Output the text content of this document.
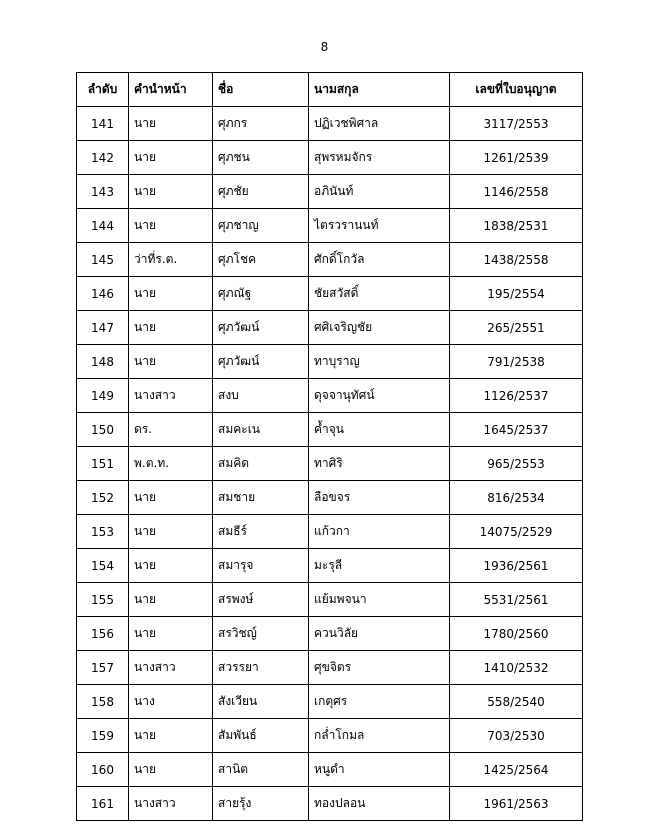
8
ลำดับ	คำนำหน้า	ชื่อ	นามสกุล	เลขที่ใบอนุญาต
141	นาย	ศุภกร	ปฏิเวชพิศาล	3117/2553
142	นาย	ศุภชน	สุพรหมจักร	1261/2539
143	นาย	ศุภชัย	อภินันท์	1146/2558
144	นาย	ศุภชาญ	ไตรวรานนท์	1838/2531
145	ว่าที่ร.ต.	ศุภโชค	ศักดิ์โกวัล	1438/2558
146	นาย	ศุภณัฐ	ชัยสวัสดิ์	195/2554
147	นาย	ศุภวัฒน์	ศศิเจริญชัย	265/2551
148	นาย	ศุภวัฒน์	ทาบุราญ	791/2538
149	นางสาว	สงบ	ดุจจานุทัศน์	1126/2537
150	ดร.	สมคะเน	ค้ำจุน	1645/2537
151	พ.ต.ท.	สมคิด	ทาศิริ	965/2553
152	นาย	สมชาย	ลือขจร	816/2534
153	นาย	สมธีร์	แก้วกา	14075/2529
154	นาย	สมารุจ	มะรุลี	1936/2561
155	นาย	สรพงษ์	แย้มพจนา	5531/2561
156	นาย	สรวิชญ์	ควนวิลัย	1780/2560
157	นางสาว	สวรรยา	ศุขจิตร	1410/2532
158	นาง	สังเวียน	เกตุศร	558/2540
159	นาย	สัมพันธ์	กล่ำโกมล	703/2530
160	นาย	สานิต	หนูดำ	1425/2564
161	นางสาว	สายรุ้ง	ทองปลอน	1961/2563
